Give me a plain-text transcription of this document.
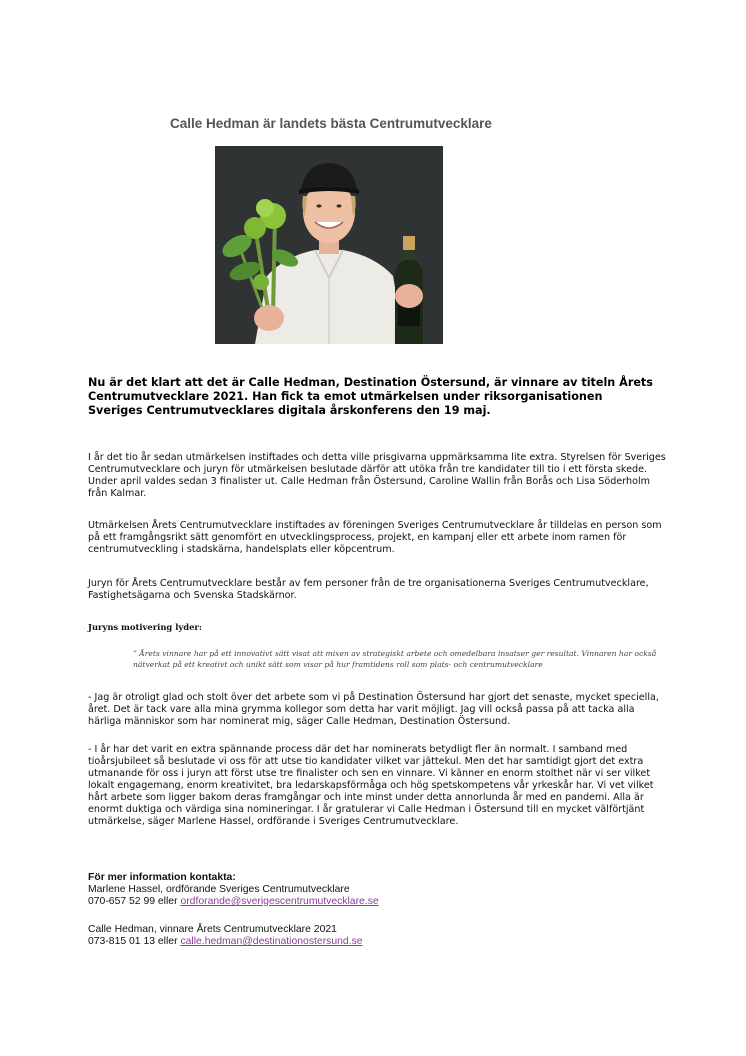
Calle Hedman är landets bästa Centrumutvecklare
Nu är det klart att det är Calle Hedman, Destination Östersund, är vinnare av titeln Årets Centrumutvecklare 2021. Han fick ta emot utmärkelsen under riksorganisationen Sveriges Centrumutvecklares digitala årskonferens den 19 maj.
I år det tio år sedan utmärkelsen instiftades och detta ville prisgivarna uppmärksamma lite extra. Styrelsen för Sveriges Centrumutvecklare och juryn för utmärkelsen beslutade därför att utöka från tre kandidater till tio i ett första skede. Under april valdes sedan 3 finalister ut. Calle Hedman från Östersund, Caroline Wallin från Borås och Lisa Söderholm från Kalmar.
Utmärkelsen Årets Centrumutvecklare instiftades av föreningen Sveriges Centrumutvecklare år tilldelas en person som på ett framgångsrikt sätt genomfört en utvecklingsprocess, projekt, en kampanj eller ett arbete inom ramen för centrumutveckling i stadskärna, handelsplats eller köpcentrum.
Juryn för Årets Centrumutvecklare består av fem personer från de tre organisationerna Sveriges Centrumutvecklare, Fastighetsägarna och Svenska Stadskärnor.
Juryns motivering lyder:
” Årets vinnare har på ett innovativt sätt visat att mixen av strategiskt arbete och omedelbara insatser ger resultat. Vinnaren har också nätverkat på ett kreativt och unikt sätt som visar på hur framtidens roll som plats- och centrumutvecklare
- Jag är otroligt glad och stolt över det arbete som vi på Destination Östersund har gjort det senaste, mycket speciella, året. Det är tack vare alla mina grymma kollegor som detta har varit möjligt. Jag vill också passa på att tacka alla härliga människor som har nominerat mig, säger Calle Hedman, Destination Östersund.
- I år har det varit en extra spännande process där det har nominerats betydligt fler än normalt. I samband med tioårsjubileet så beslutade vi oss för att utse tio kandidater vilket var jättekul. Men det har samtidigt gjort det extra utmanande för oss i juryn att först utse tre finalister och sen en vinnare. Vi känner en enorm stolthet när vi ser vilket lokalt engagemang, enorm kreativitet, bra ledarskapsförmåga och hög spetskompetens vår yrkeskår har. Vi vet vilket hårt arbete som ligger bakom deras framgångar och inte minst under detta annorlunda år med en pandemi. Alla är enormt duktiga och värdiga sina nomineringar. I år gratulerar vi Calle Hedman i Östersund till en mycket välförtjänt utmärkelse, säger Marlene Hassel, ordförande i Sveriges Centrumutvecklare.
För mer information kontakta:
Marlene Hassel, ordförande Sveriges Centrumutvecklare
070-657 52 99 eller ordforande@sverigescentrumutvecklare.se
Calle Hedman, vinnare Årets Centrumutvecklare 2021
073-815 01 13 eller calle.hedman@destinationostersund.se
